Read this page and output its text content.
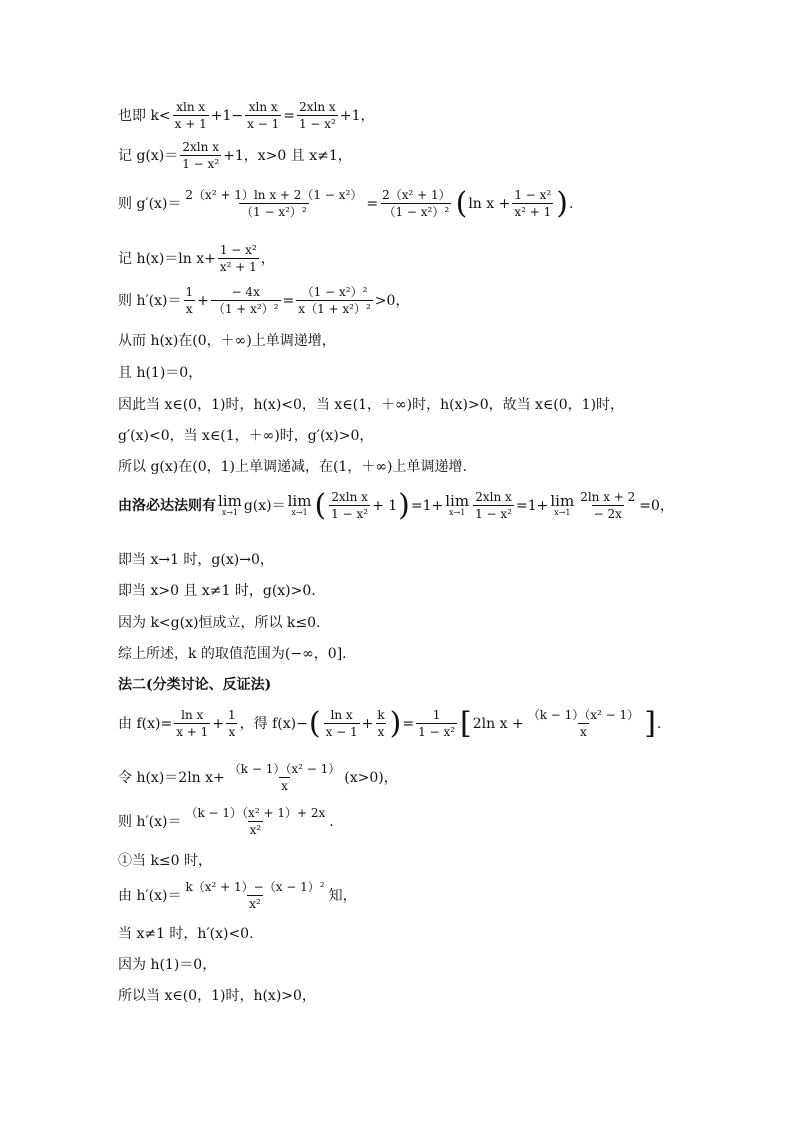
也即 $k< \frac{\text{xln x}}{x + 1} +1- \frac{\text{xln x}}{x - 1} = \frac{\text{2xln x}}{\text{1 − x²}} +1$，
记 $g(x)= \frac{\text{2xln x}}{\text{1 − x²}} +1$，x>0 且 x≠1，
则 $g'(x)= \frac{\text{2（x² + 1）ln x + 2（1 − x²）}}{\text{（1 − x²）²}} = \frac{\text{2（x² + 1）}}{\text{（1 − x²）²}}$ ( $\ln x + \frac{\text{1 − x²}}{\text{x² + 1}}$ ) .
记 h(x)＝ln $x+ \frac{\text{1 − x²}}{\text{x² + 1}}$ ，
则 $h'(x)= \frac{1}{x} + \frac{- 4x}{\text{（1 + x²）²}} = \frac{\text{（1 − x²）²}}{\text{x（1 + x²）²}} >0$，
从而 h(x)在(0，＋∞)上单调递增，
且 h(1)＝0，
因此当 x∈(0，1)时，h(x)<0，当 x∈(1，＋∞)时，h(x)>0，故当 x∈(0，1)时，
g′(x)<0，当 x∈(1，＋∞)时，g′(x)>0，
所以 g(x)在(0，1)上单调递减，在(1，＋∞)上单调递增.
由洛必达法则有 lim
x→1 g(x)＝ lim
x→1 ( $\frac{\text{2xln x}}{\text{1 − x²}} + 1$ ) =1+ lim
$x\to 1 \frac{\text{2xln x}}{\text{1 − x²}} =1+ \lim$
$x\to 1 \frac{\text{2ln x + 2}}{- 2x} =0$，
即当 x→1 时，g(x)→0，
即当 x>0 且 x≠1 时，g(x)>0.
因为 k<g(x)恒成立，所以 k≤0.
综上所述，k 的取值范围为(−∞，0].
法二(分类讨论、反证法)
由 $f(x)= \frac{\text{ln x}}{x + 1} + \frac{1}{x}$ ，得 f(x)− ( $\frac{\text{ln x}}{x - 1} + \frac{k}{x}$ ) = $\frac{1}{\text{1 − x²}}$ [ 2ln $x + \frac{\text{（k − 1）（x² − 1）}}{x}$ ] .
令 h(x)＝2ln $x+ \frac{\text{（k − 1）（x² − 1）}}{x} (x>0)$，
则 $h'(x)= \frac{\text{（k − 1）（x² + 1）+ 2x}}{\text{x²}}$ .
①当 k≤0 时，
由 $h'(x)= \frac{\text{k（x² + 1）−（x − 1）²}}{\text{x²}}$ 知，
当 x≠1 时，h′(x)<0.
因为 h(1)＝0，
所以当 x∈(0，1)时，h(x)>0，
